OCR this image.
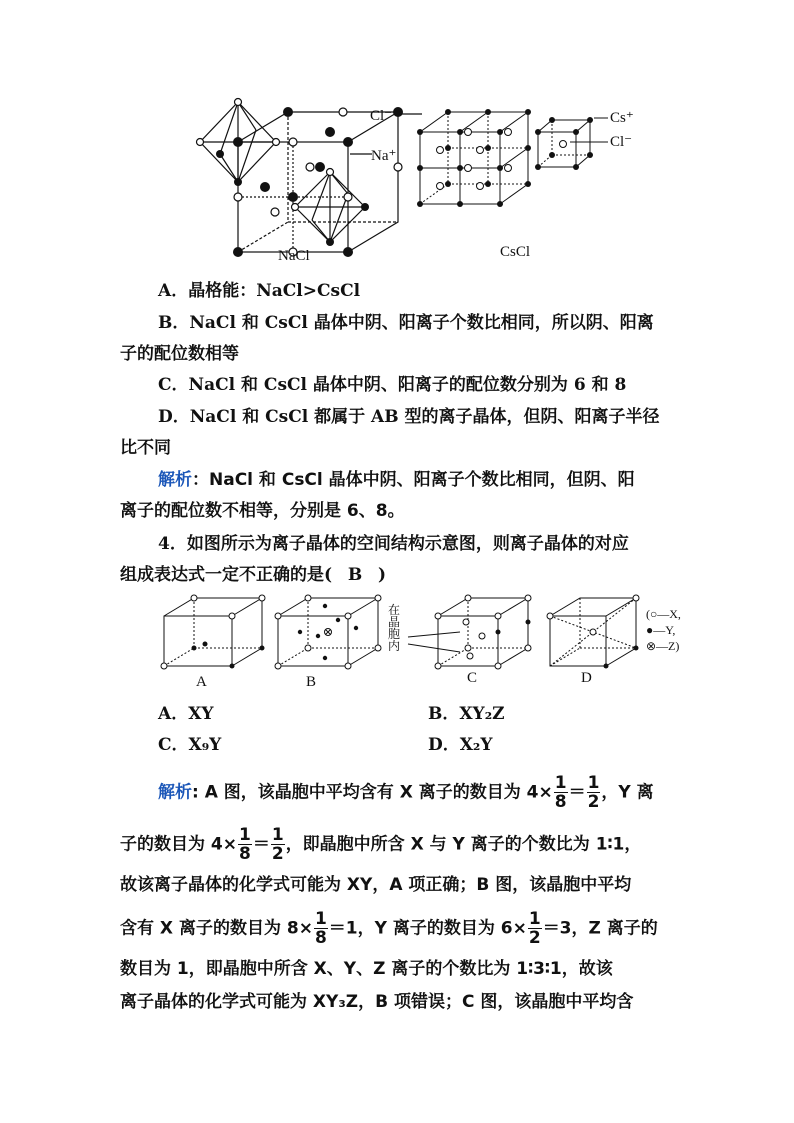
Cl⁻
Na⁺
Cs⁺
Cl⁻
NaCl	CsCl
A．晶格能：NaCl>CsCl
B．NaCl 和 CsCl 晶体中阴、阳离子个数比相同，所以阴、阳离
子的配位数相等
C．NaCl 和 CsCl 晶体中阴、阳离子的配位数分别为 6 和 8
D．NaCl 和 CsCl 都属于 AB 型的离子晶体，但阴、阳离子半径
比不同
解析：NaCl 和 CsCl 晶体中阴、阳离子个数比相同，但阴、阳
离子的配位数不相等，分别是 6、8。
4．如图所示为离子晶体的空间结构示意图，则离子晶体的对应
组成表达式一定不正确的是( B )
A	B	C	D
在
晶
胞
内
(○—X,
●—Y,
⊗—Z)
A．XY	B．XY₂Z
C．X₉Y	D．X₂Y
解析: A 图，该晶胞中平均含有 X 离子的数目为 $4\times \frac{1}{8} = \frac{1}{2}$ ，Y 离
子的数目为 $4\times \frac{1}{8} = \frac{1}{2}$ ，即晶胞中所含 X 与 Y 离子的个数比为 1∶1，
故该离子晶体的化学式可能为 XY，A 项正确；B 图，该晶胞中平均
含有 X 离子的数目为 $8\times \frac{1}{8} =1$，Y 离子的数目为 $6\times \frac{1}{2} =3$，Z 离子的
数目为 1，即晶胞中所含 X、Y、Z 离子的个数比为 1∶3∶1，故该
离子晶体的化学式可能为 XY₃Z，B 项错误；C 图，该晶胞中平均含
